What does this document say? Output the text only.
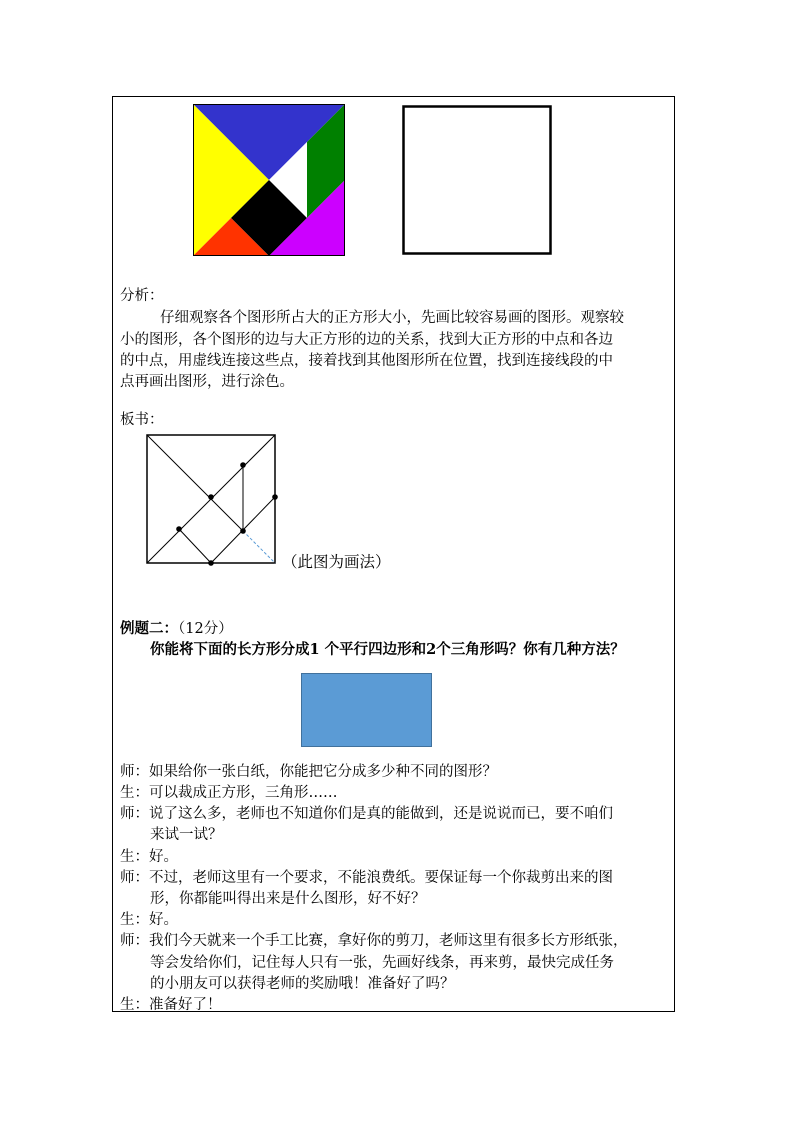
分析：
仔细观察各个图形所占大的正方形大小，先画比较容易画的图形。观察较
小的图形，各个图形的边与大正方形的边的关系，找到大正方形的中点和各边
的中点，用虚线连接这些点，接着找到其他图形所在位置，找到连接线段的中
点再画出图形，进行涂色。
板书：
（此图为画法）
例题二：（12分）
你能将下面的长方形分成1 个平行四边形和2个三角形吗？你有几种方法？
师：如果给你一张白纸，你能把它分成多少种不同的图形？
生：可以裁成正方形，三角形……
师：说了这么多，老师也不知道你们是真的能做到，还是说说而已，要不咱们
来试一试？
生：好。
师：不过，老师这里有一个要求，不能浪费纸。要保证每一个你裁剪出来的图
形，你都能叫得出来是什么图形，好不好？
生：好。
师：我们今天就来一个手工比赛，拿好你的剪刀，老师这里有很多长方形纸张，
等会发给你们，记住每人只有一张，先画好线条，再来剪，最快完成任务
的小朋友可以获得老师的奖励哦！准备好了吗？
生：准备好了！
